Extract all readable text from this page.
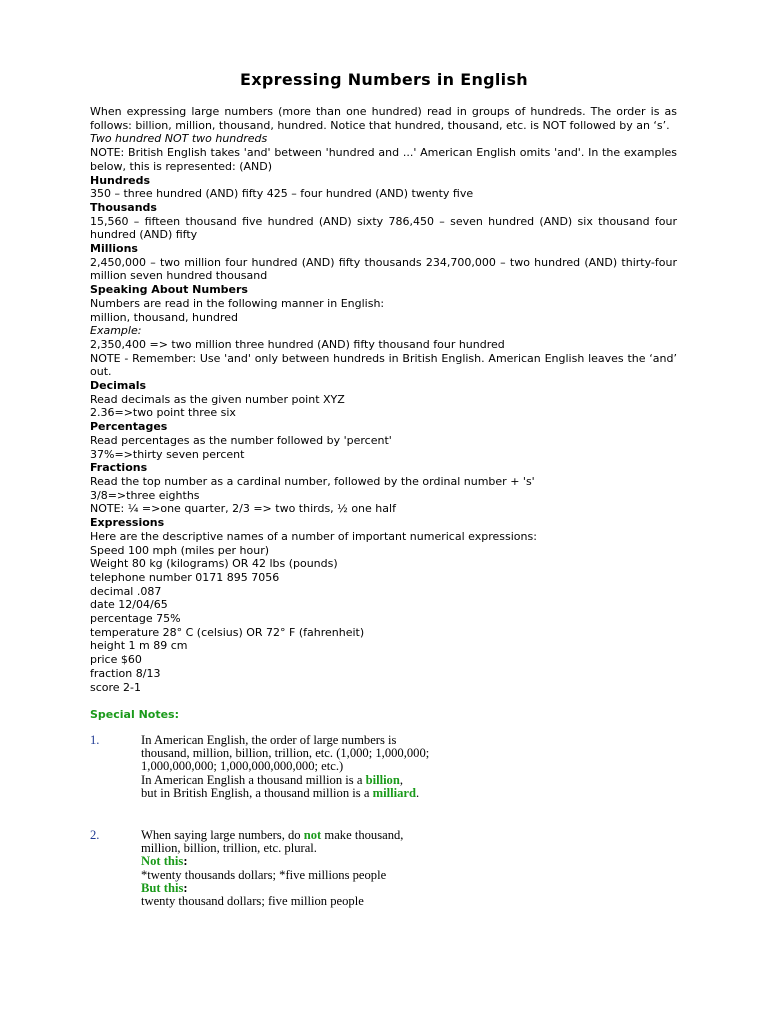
Expressing Numbers in English

When expressing large numbers (more than one hundred) read in groups of hundreds. The order is as follows: billion, million, thousand, hundred. Notice that hundred, thousand, etc. is NOT followed by an ‘s’.

Two hundred NOT two hundreds

NOTE: British English takes 'and' between 'hundred and ...' American English omits 'and'. In the examples below, this is represented: (AND)

Hundreds

350 – three hundred (AND) fifty 425 – four hundred (AND) twenty five

Thousands

15,560 – fifteen thousand five hundred (AND) sixty 786,450 – seven hundred (AND) six thousand four hundred (AND) fifty

Millions

2,450,000 – two million four hundred (AND) fifty thousands 234,700,000 – two hundred (AND) thirty-four million seven hundred thousand

Speaking About Numbers

Numbers are read in the following manner in English:

million, thousand, hundred

Example:

2,350,400 => two million three hundred (AND) fifty thousand four hundred

NOTE - Remember: Use 'and' only between hundreds in British English. American English leaves the ‘and’ out.

Decimals

Read decimals as the given number point XYZ

2.36=>two point three six

Percentages

Read percentages as the number followed by 'percent'

37%=>thirty seven percent

Fractions

Read the top number as a cardinal number, followed by the ordinal number + 's'

3/8=>three eighths

NOTE: ¼ =>one quarter, 2/3 => two thirds, ½ one half

Expressions

Here are the descriptive names of a number of important numerical expressions:

Speed 100 mph (miles per hour)

Weight 80 kg (kilograms) OR 42 lbs (pounds)

telephone number 0171 895 7056

decimal .087

date 12/04/65

percentage 75%

temperature 28° C (celsius) OR 72° F (fahrenheit)

height 1 m 89 cm

price $60

fraction 8/13

score 2-1

Special Notes:

1.	In American English, the order of large numbers is

thousand, million, billion, trillion, etc. (1,000; 1,000,000;

1,000,000,000; 1,000,000,000,000; etc.)

In American English a thousand million is a billion,

but in British English, a thousand million is a milliard.

2.	When saying large numbers, do not make thousand,

million, billion, trillion, etc. plural.

Not this:

*twenty thousands dollars; *five millions people

But this:

twenty thousand dollars; five million people
